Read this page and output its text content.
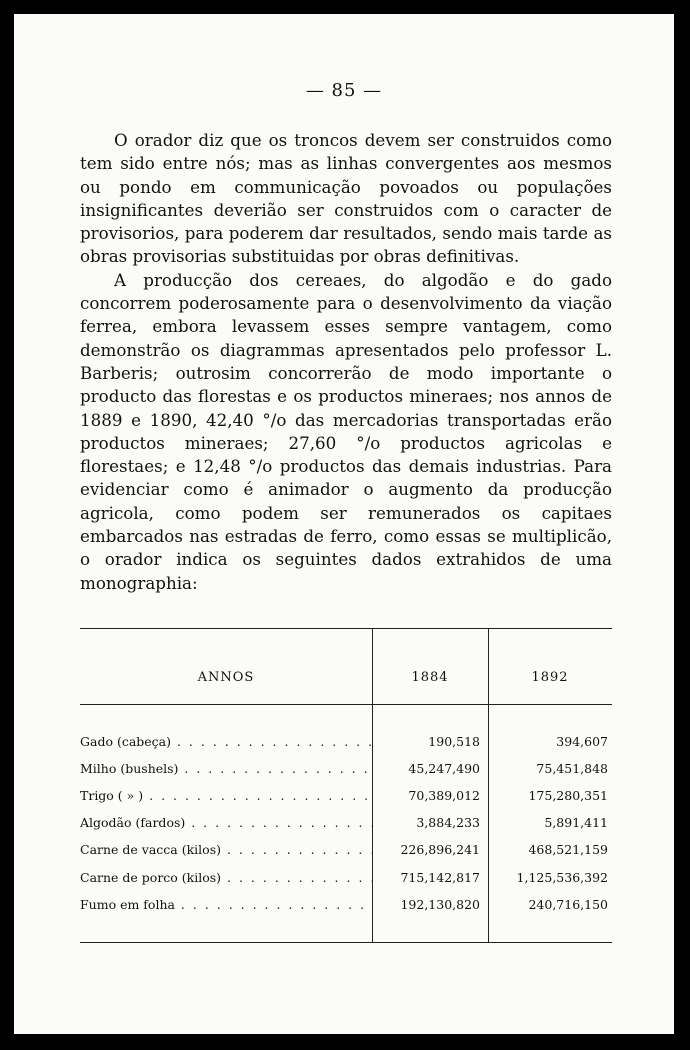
— 85 —

O orador diz que os troncos devem ser construidos como tem sido entre nós; mas as linhas convergentes aos mesmos ou pondo em communicação povoados ou populações insignificantes deverião ser construidos com o caracter de provisorios, para poderem dar resultados, sendo mais tarde as obras provisorias substituidas por obras definitivas.

A producção dos cereaes, do algodão e do gado concorrem poderosamente para o desenvolvimento da viação ferrea, embora levassem esses sempre vantagem, como demonstrão os diagrammas apresentados pelo professor L. Barberis; outrosim concorrerão de modo importante o producto das florestas e os productos mineraes; nos annos de 1889 e 1890, 42,40 °/o das mercadorias transportadas erão productos mineraes; 27,60 °/o productos agricolas e florestaes; e 12,48 °/o productos das demais industrias. Para evidenciar como é animador o augmento da producção agricola, como podem ser remunerados os capitaes embarcados nas estradas de ferro, como essas se multiplicão, o orador indica os seguintes dados extrahidos de uma monographia:

ANNOS	1884	1892
Gado (cabeça) . . .	190,518	394,607
Milho (bushels) . . .	45,247,490	75,451,848
Trigo ( » ) . . .	70,389,012	175,280,351
Algodão (fardos) . . .	3,884,233	5,891,411
Carne de vacca (kilos) . . .	226,896,241	468,521,159
Carne de porco (kilos) . . .	715,142,817	1,125,536,392
Fumo em folha . . .	192,130,820	240,716,150
